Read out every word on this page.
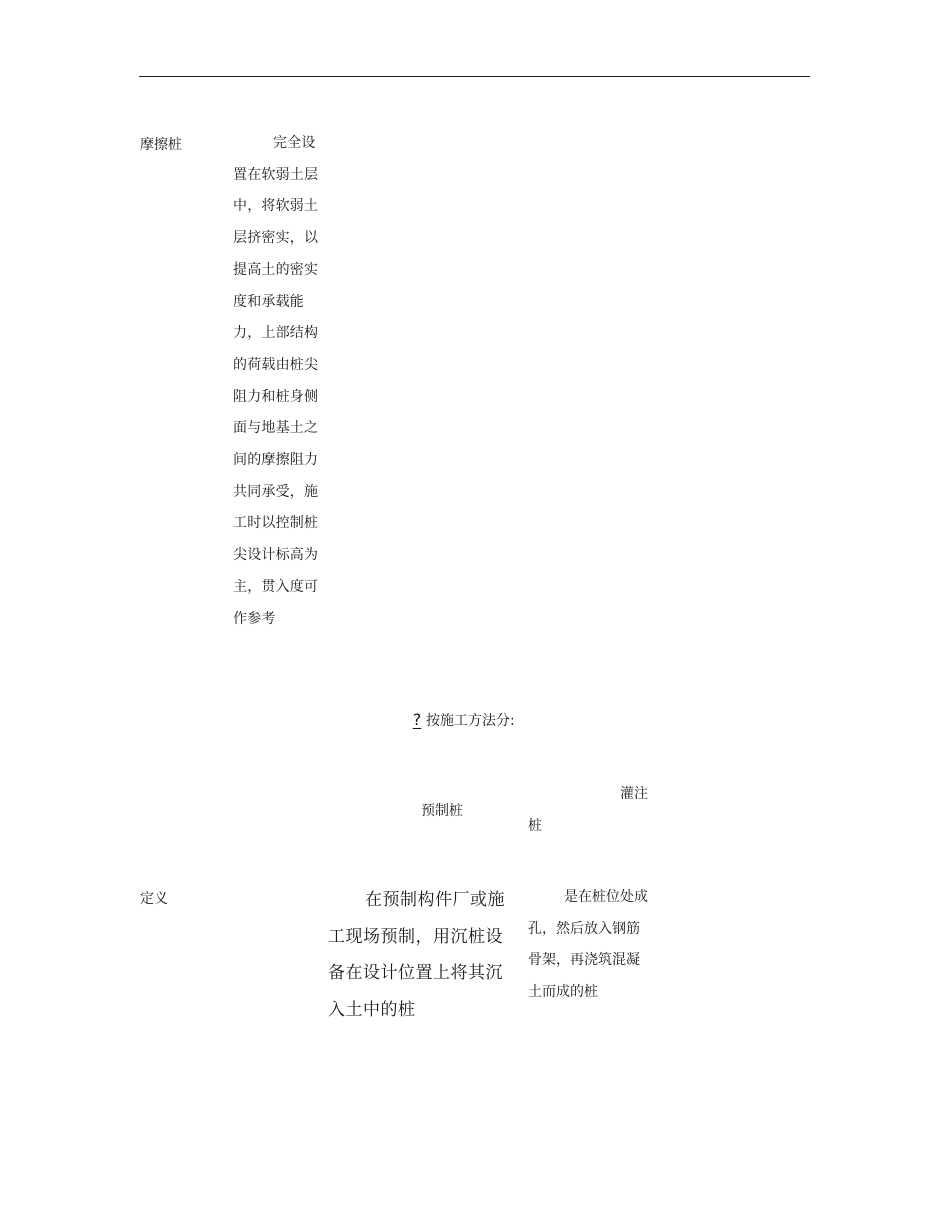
摩擦桩	完全设
置在软弱土层
中，将软弱土
层挤密实，以
提高土的密实
度和承载能
力，上部结构
的荷载由桩尖
阻力和桩身侧
面与地基土之
间的摩擦阻力
共同承受，施
工时以控制桩
尖设计标高为
主，贯入度可
作参考
? 按施工方法分:
预制桩
灌注
桩
定义	在预制构件厂或施
工现场预制，用沉桩设
备在设计位置上将其沉
入土中的桩
是在桩位处成
孔，然后放入钢筋
骨架，再浇筑混凝
土而成的桩
